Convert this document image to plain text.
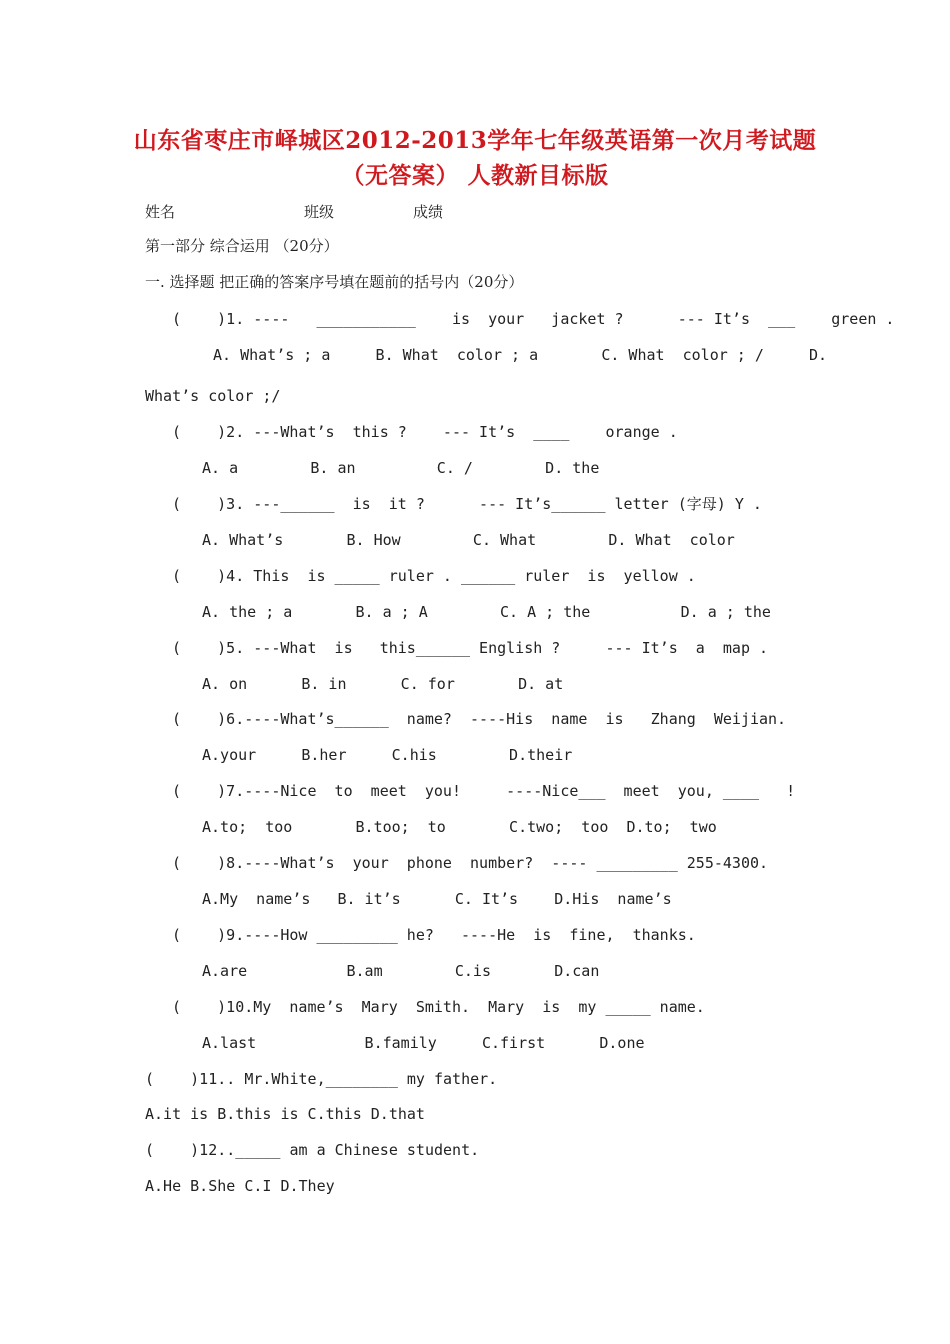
山东省枣庄市峄城区2012-2013学年七年级英语第一次月考试题
（无答案） 人教新目标版
姓名	班级	成绩
第一部分 综合运用 （20分）
一. 选择题 把正确的答案序号填在题前的括号内（20分）
(    )1. ----   ___________    is  your   jacket ?      --- It’s  ___    green .
A. What’s ; a     B. What  color ; a       C. What  color ; /     D.
What’s color ;/
(    )2. ---What’s  this ?    --- It’s  ____    orange .
A. a        B. an         C. /        D. the
(    )3. ---______  is  it ?      --- It’s______ letter (字母) Y .
A. What’s       B. How        C. What        D. What  color
(    )4. This  is _____ ruler . ______ ruler  is  yellow .
A. the ; a       B. a ; A        C. A ; the          D. a ; the
(    )5. ---What  is   this______ English ?     --- It’s  a  map .
A. on      B. in      C. for       D. at
(    )6.----What’s______  name?  ----His  name  is   Zhang  Weijian.
A.your     B.her     C.his        D.their
(    )7.----Nice  to  meet  you!     ----Nice___  meet  you, ____   !
A.to;  too       B.too;  to       C.two;  too  D.to;  two
(    )8.----What’s  your  phone  number?  ---- _________ 255-4300.
A.My  name’s   B. it’s      C. It’s    D.His  name’s
(    )9.----How _________ he?   ----He  is  fine,  thanks.
A.are           B.am        C.is       D.can
(    )10.My  name’s  Mary  Smith.  Mary  is  my _____ name.
A.last            B.family     C.first      D.one
(    )11.. Mr.White,________ my father.
A.it is B.this is C.this D.that
(    )12.._____ am a Chinese student.
A.He B.She C.I D.They
